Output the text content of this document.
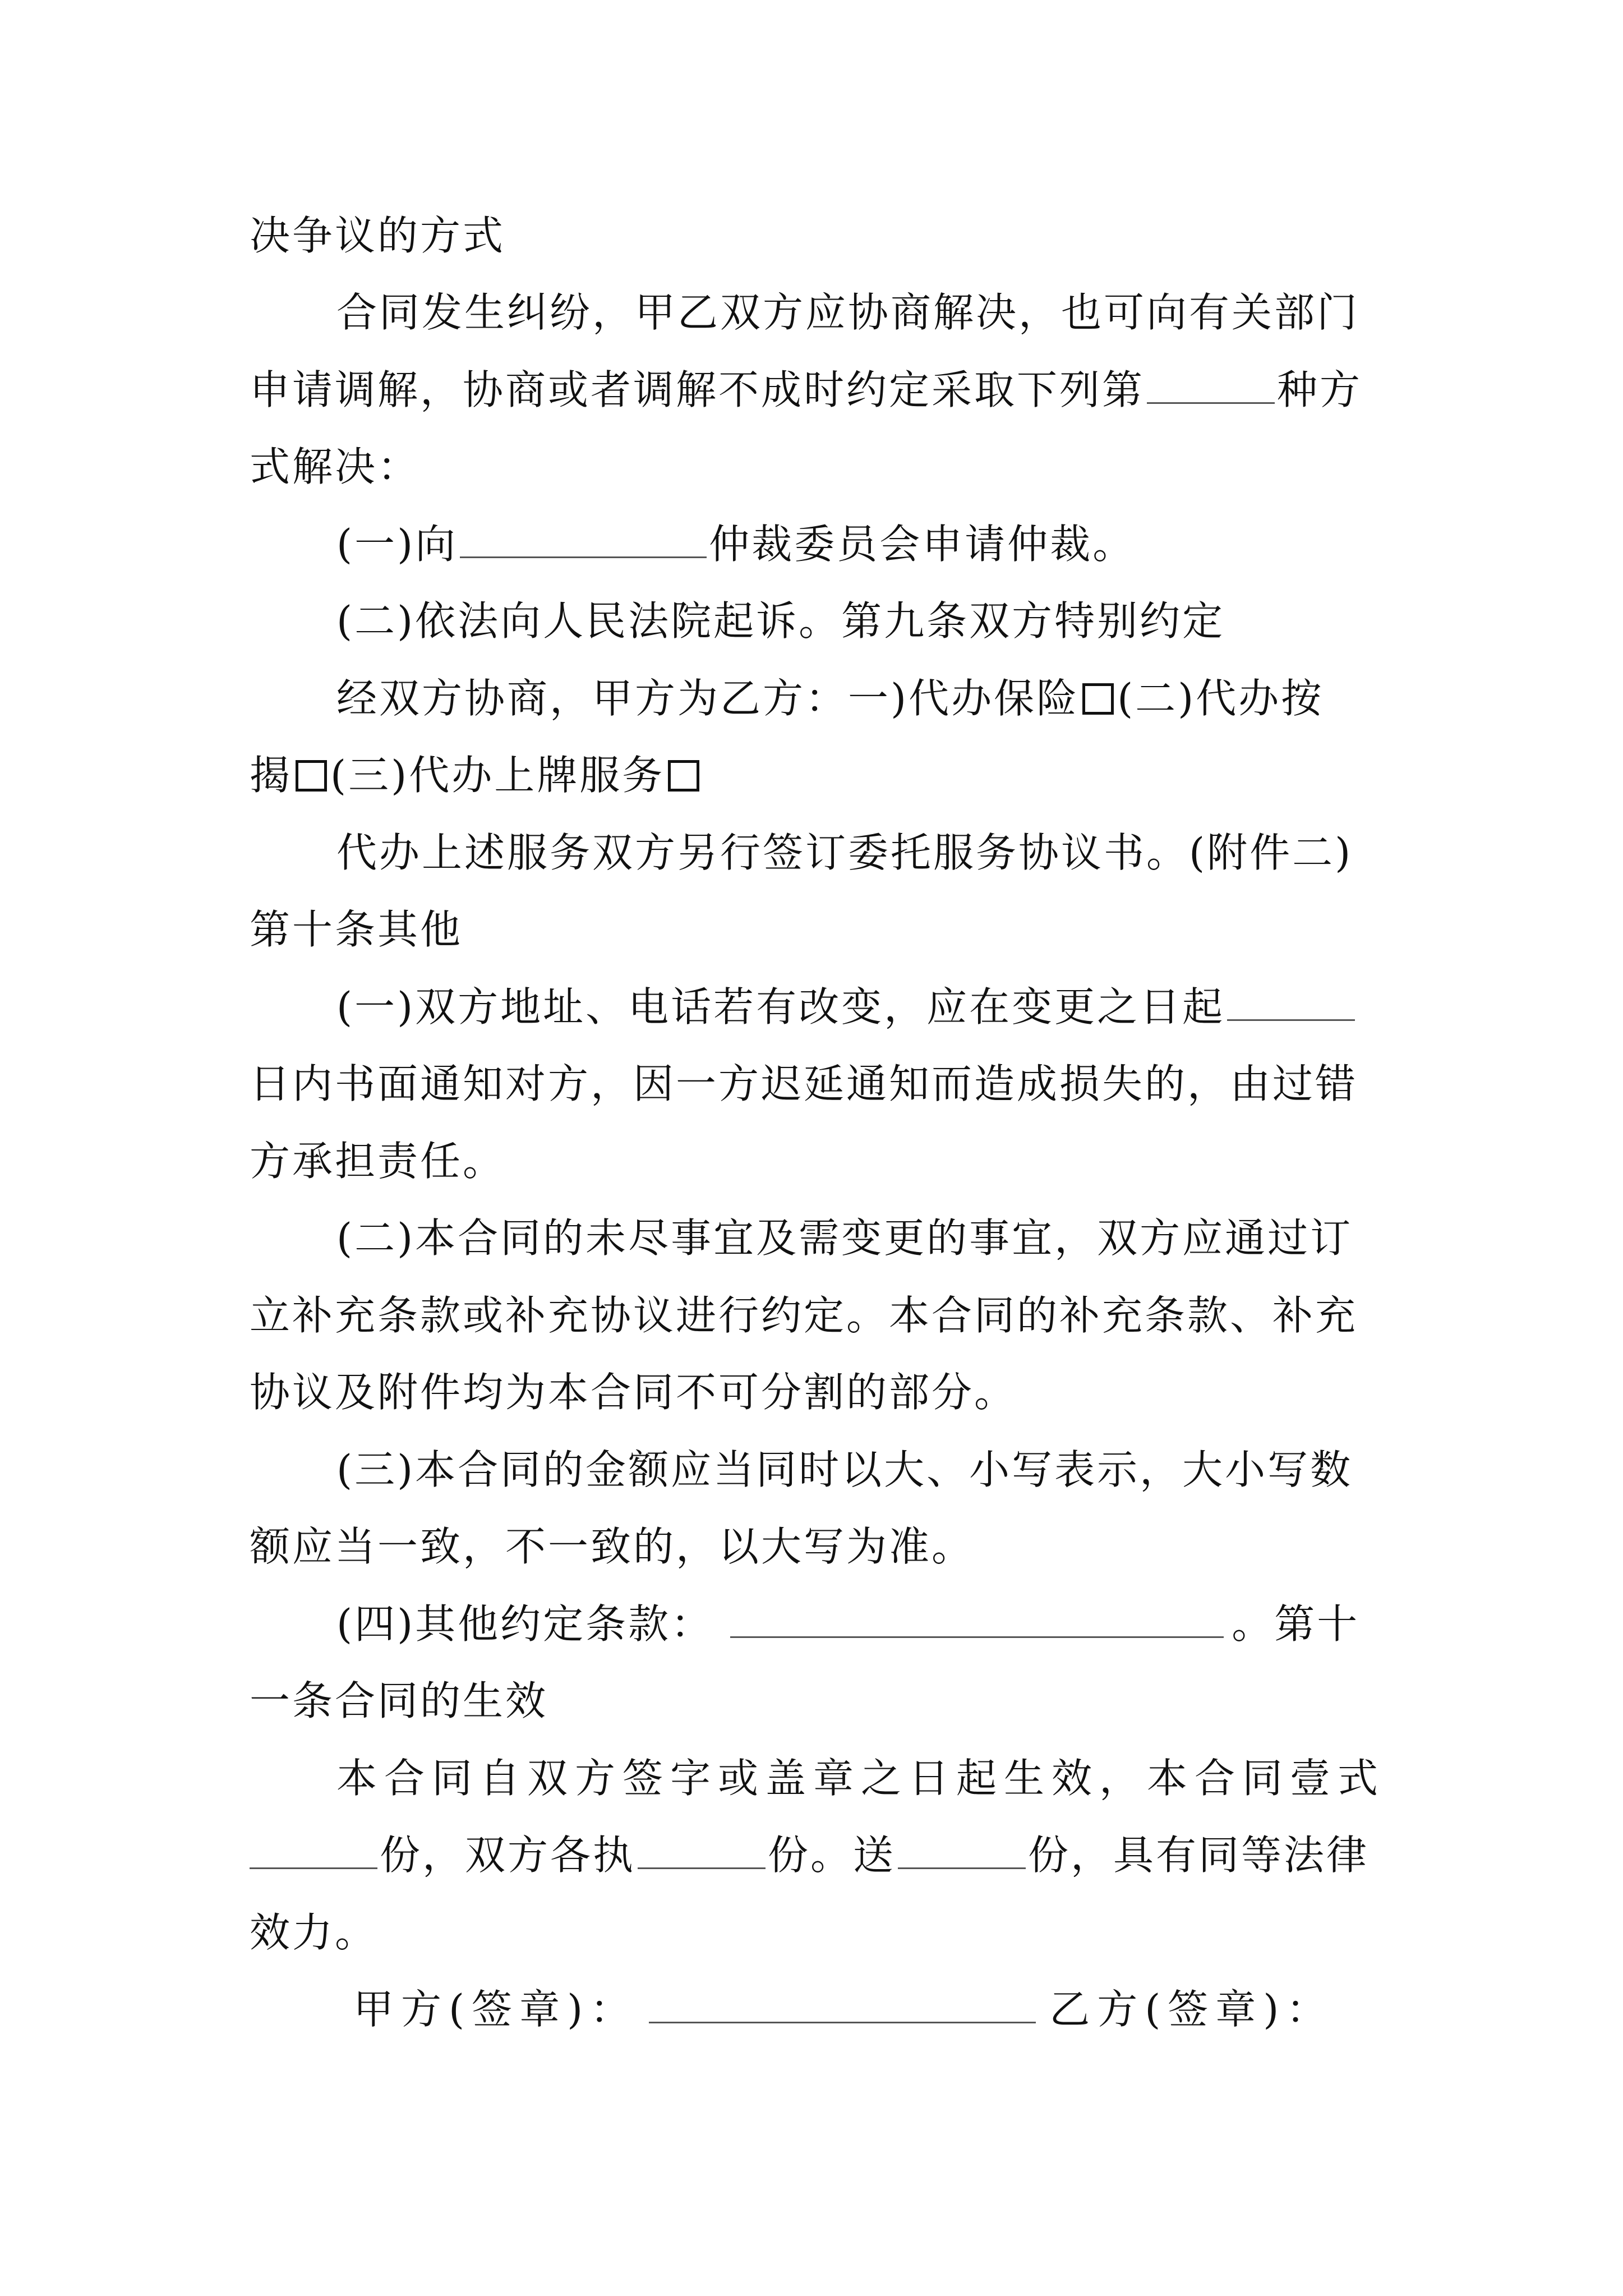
决争议的方式
合同发生纠纷，甲乙双方应协商解决，也可向有关部门
申请调解，协商或者调解不成时约定采取下列第	种方
式解决：
(一)向	仲裁委员会申请仲裁。
(二)依法向人民法院起诉。第九条双方特别约定
经双方协商，甲方为乙方：一)代办保险 (二)代办按
揭 (三)代办上牌服务
代办上述服务双方另行签订委托服务协议书。(附件二)
第十条其他
(一)双方地址、电话若有改变，应在变更之日起
日内书面通知对方，因一方迟延通知而造成损失的，由过错
方承担责任。
(二)本合同的未尽事宜及需变更的事宜，双方应通过订
立补充条款或补充协议进行约定。本合同的补充条款、补充
协议及附件均为本合同不可分割的部分。
(三)本合同的金额应当同时以大、小写表示，大小写数
额应当一致，不一致的，以大写为准。
(四)其他约定条款：	。第十
一条合同的生效
本合同自双方签字或盖章之日起生效，本合同壹式
份，双方各执	份。送	份，具有同等法律
效力。
甲方(签章)：	乙方(签章)：
